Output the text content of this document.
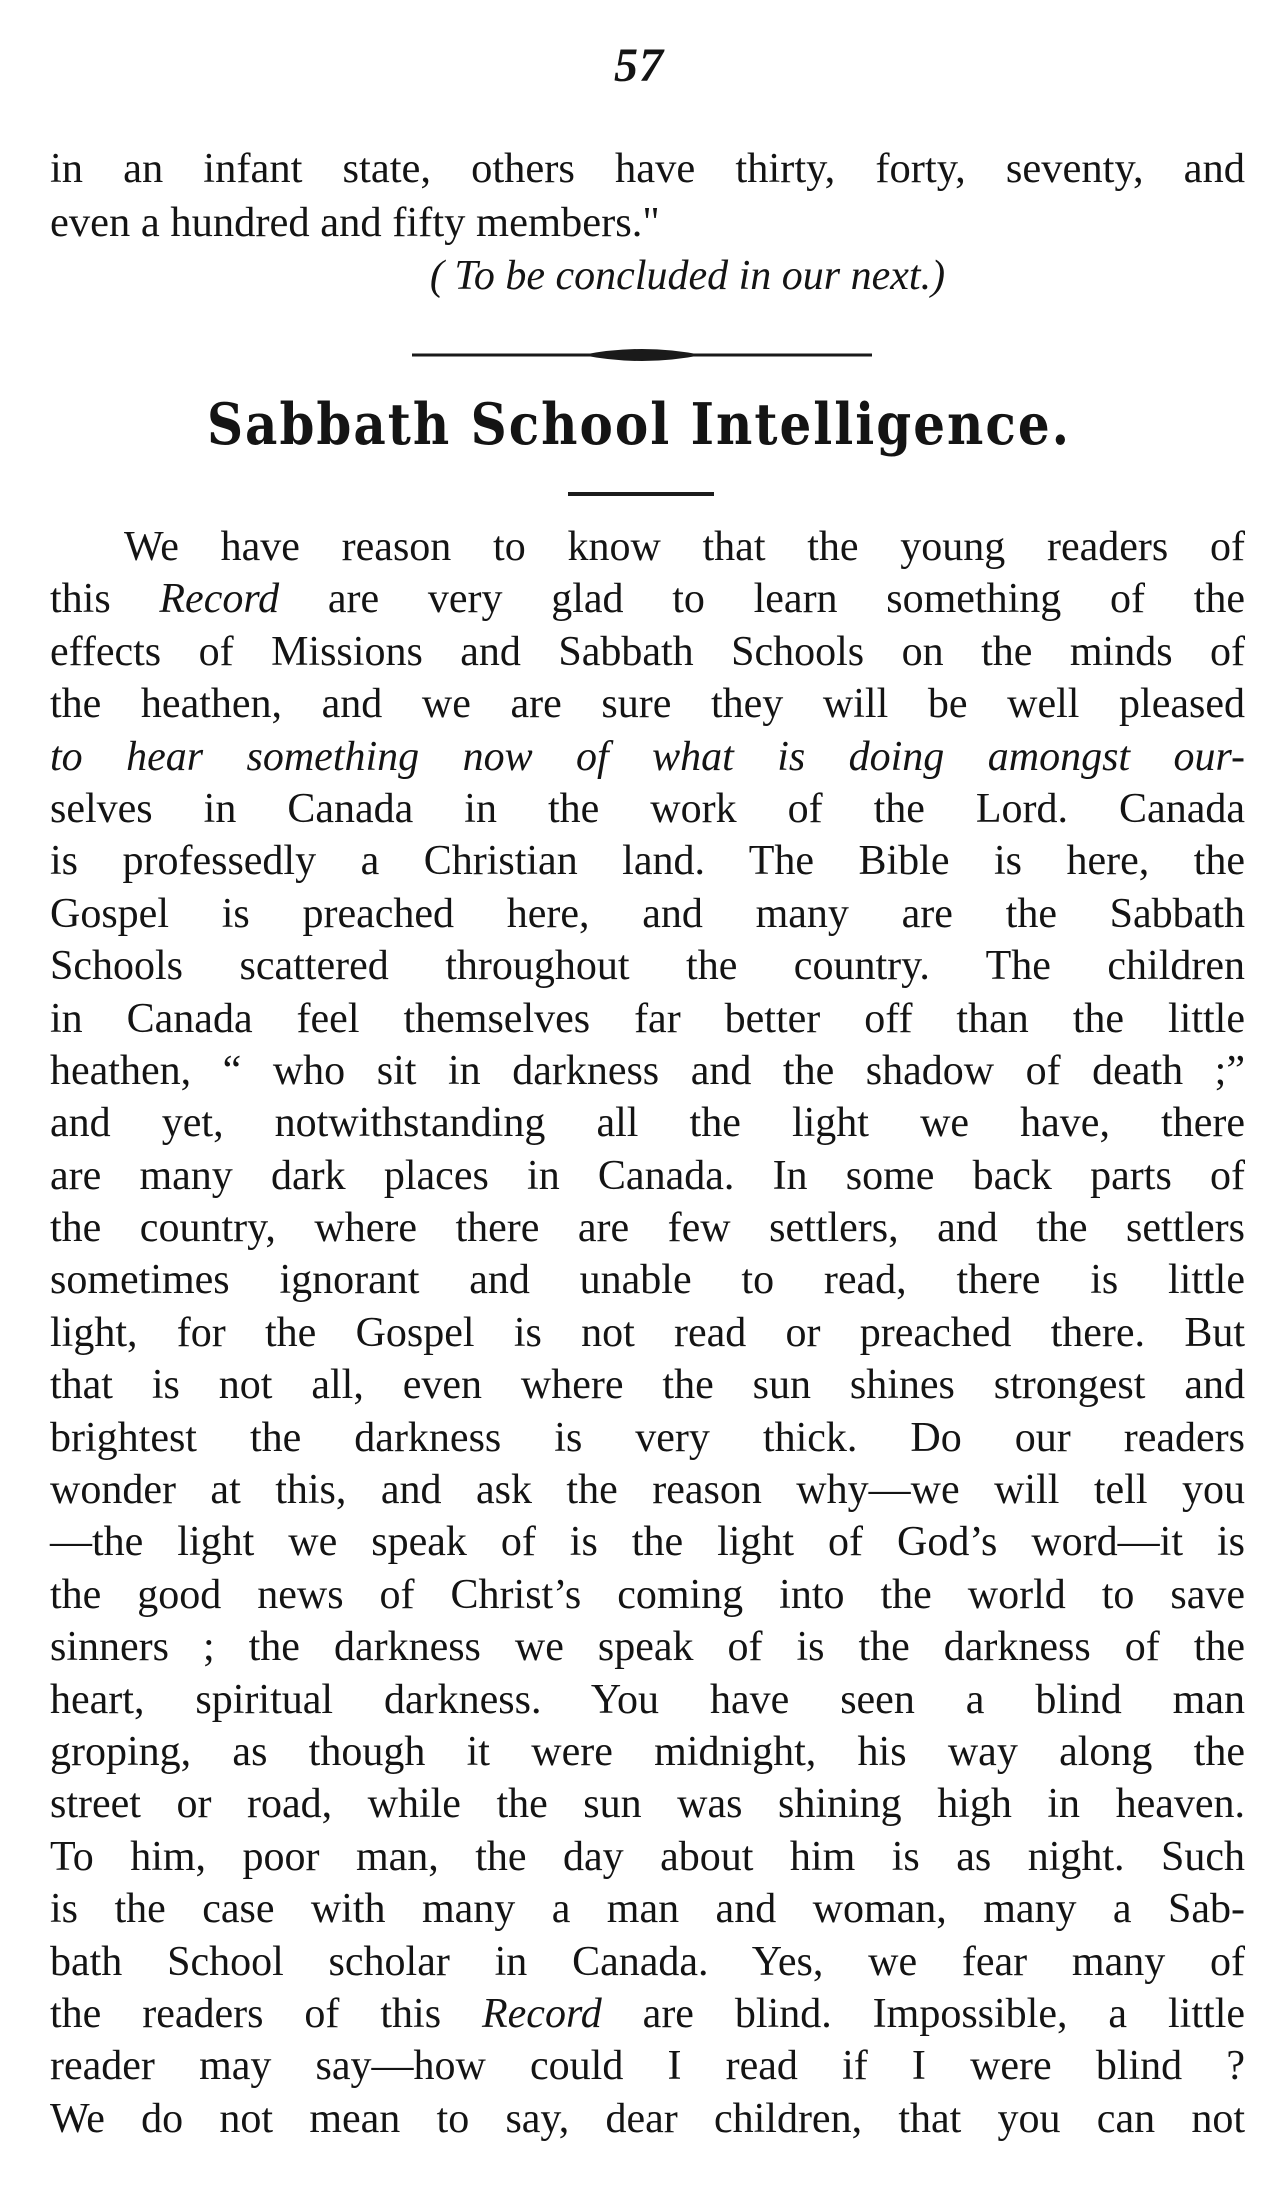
57
in an infant state, others have thirty, forty, seventy, and
even a hundred and fifty members."
( To be concluded in our next.)
Sabbath School Intelligence.
We have reason to know that the young readers of
this Record are very glad to learn something of the
effects of Missions and Sabbath Schools on the minds of
the heathen, and we are sure they will be well pleased
to hear something now of what is doing amongst our-
selves in Canada in the work of the Lord. Canada
is professedly a Christian land. The Bible is here, the
Gospel is preached here, and many are the Sabbath
Schools scattered throughout the country. The children
in Canada feel themselves far better off than the little
heathen, “ who sit in darkness and the shadow of death ;”
and yet, notwithstanding all the light we have, there
are many dark places in Canada. In some back parts of
the country, where there are few settlers, and the settlers
sometimes ignorant and unable to read, there is little
light, for the Gospel is not read or preached there. But
that is not all, even where the sun shines strongest and
brightest the darkness is very thick. Do our readers
wonder at this, and ask the reason why—we will tell you
—the light we speak of is the light of God’s word—it is
the good news of Christ’s coming into the world to save
sinners ; the darkness we speak of is the darkness of the
heart, spiritual darkness. You have seen a blind man
groping, as though it were midnight, his way along the
street or road, while the sun was shining high in heaven.
To him, poor man, the day about him is as night. Such
is the case with many a man and woman, many a Sab-
bath School scholar in Canada. Yes, we fear many of
the readers of this Record are blind. Impossible, a little
reader may say—how could I read if I were blind ?
We do not mean to say, dear children, that you can not
